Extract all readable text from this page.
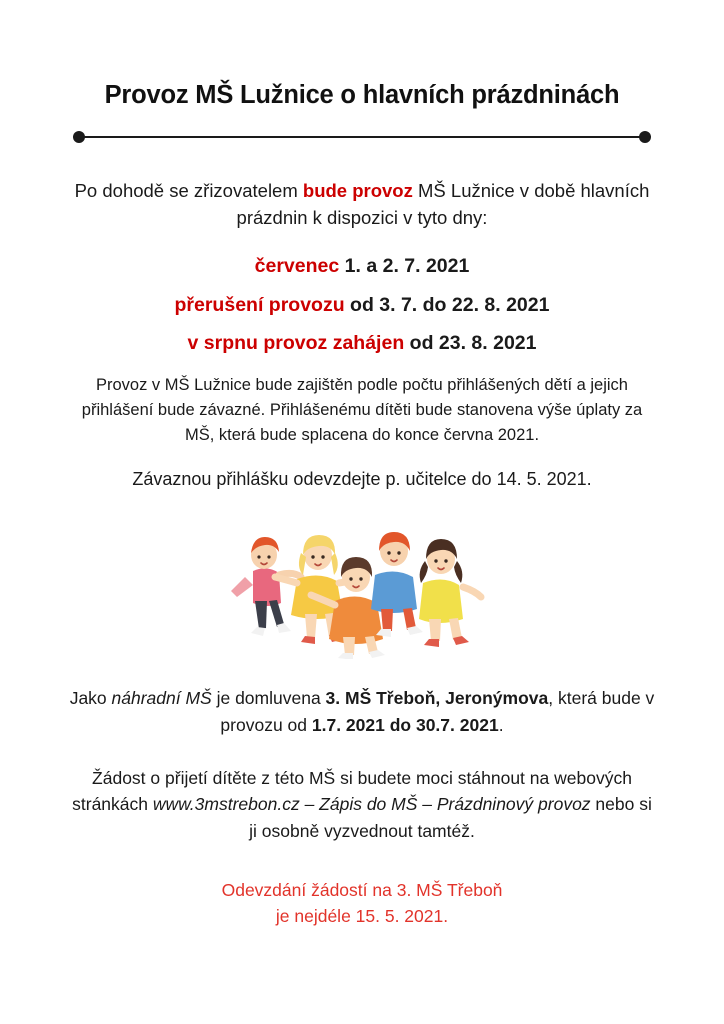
Provoz MŠ Lužnice o hlavních prázdninách

Po dohodě se zřizovatelem bude provoz MŠ Lužnice v době hlavních prázdnin k dispozici v tyto dny:

červenec 1. a 2. 7. 2021
přerušení provozu od 3. 7. do 22. 8. 2021
v srpnu provoz zahájen od 23. 8. 2021

Provoz v MŠ Lužnice bude zajištěn podle počtu přihlášených dětí a jejich přihlášení bude závazné. Přihlášenému dítěti bude stanovena výše úplaty za MŠ, která bude splacena do konce června 2021.

Závaznou přihlášku odevzdejte p. učitelce do 14. 5. 2021.

Jako náhradní MŠ je domluvena 3. MŠ Třeboň, Jeronýmova, která bude v provozu od 1.7. 2021 do 30.7. 2021.

Žádost o přijetí dítěte z této MŠ si budete moci stáhnout na webových stránkách www.3mstrebon.cz – Zápis do MŠ – Prázdninový provoz nebo si ji osobně vyzvednout tamtéž.

Odevzdání žádostí na 3. MŠ Třeboň
je nejdéle 15. 5. 2021.
